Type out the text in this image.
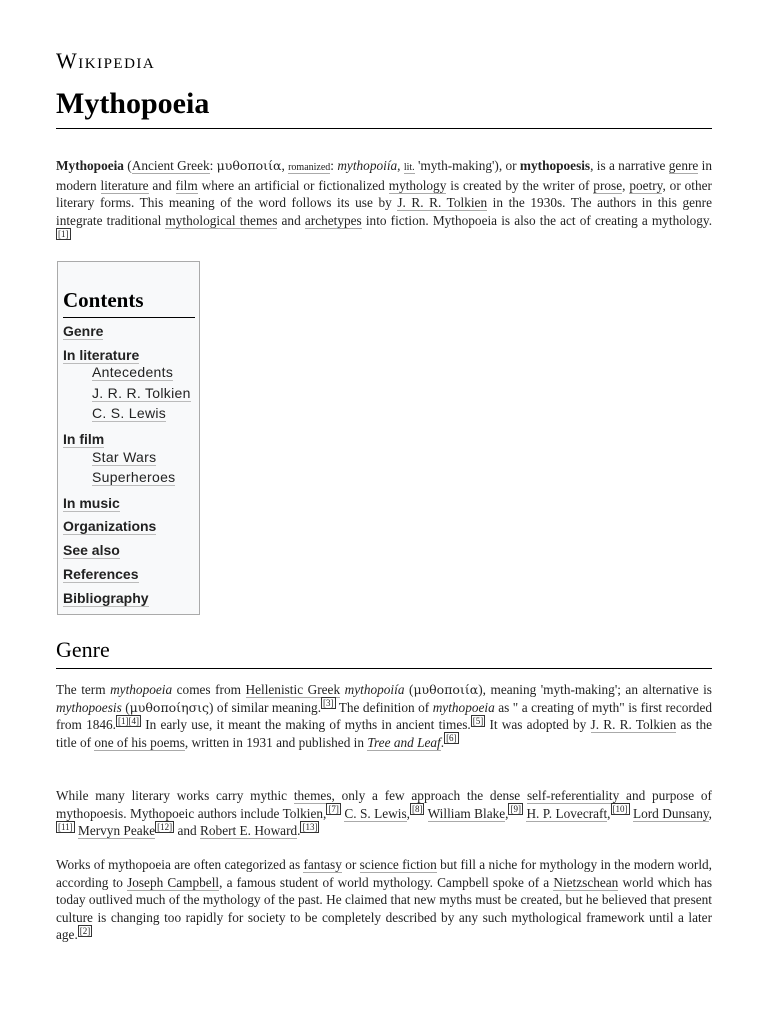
Wikipedia
Mythopoeia
Mythopoeia (Ancient Greek: μυθοποιία, romanized: mythopoiía, lit. 'myth-making'), or mythopoesis, is a narrative genre in modern literature and film where an artificial or fictionalized mythology is created by the writer of prose, poetry, or other literary forms. This meaning of the word follows its use by J. R. R. Tolkien in the 1930s. The authors in this genre integrate traditional mythological themes and archetypes into fiction. Mythopoeia is also the act of creating a mythology.[1]
Contents
Genre
In literature
Antecedents
J. R. R. Tolkien
C. S. Lewis
In film
Star Wars
Superheroes
In music
Organizations
See also
References
Bibliography
Genre
The term mythopoeia comes from Hellenistic Greek mythopoiía (μυθοποιία), meaning 'myth-making'; an alternative is mythopoesis (μυθοποίησις) of similar meaning. [3] The definition of mythopoeia as " a creating of myth" is first recorded from 1846. [1][4] In early use, it meant the making of myths in ancient times. [5] It was adopted by J. R. R. Tolkien as the title of one of his poems, written in 1931 and published in Tree and Leaf. [6]
While many literary works carry mythic themes, only a few approach the dense self-referentiality and purpose of mythopoesis. Mythopoeic authors include Tolkien, [7] C. S. Lewis, [8] William Blake, [9] H. P. Lovecraft, [10] Lord Dunsany,[11] Mervyn Peake [12] and Robert E. Howard. [13]
Works of mythopoeia are often categorized as fantasy or science fiction but fill a niche for mythology in the modern world, according to Joseph Campbell, a famous student of world mythology. Campbell spoke of a Nietzschean world which has today outlived much of the mythology of the past. He claimed that new myths must be created, but he believed that present culture is changing too rapidly for society to be completely described by any such mythological framework until a later age. [2]
